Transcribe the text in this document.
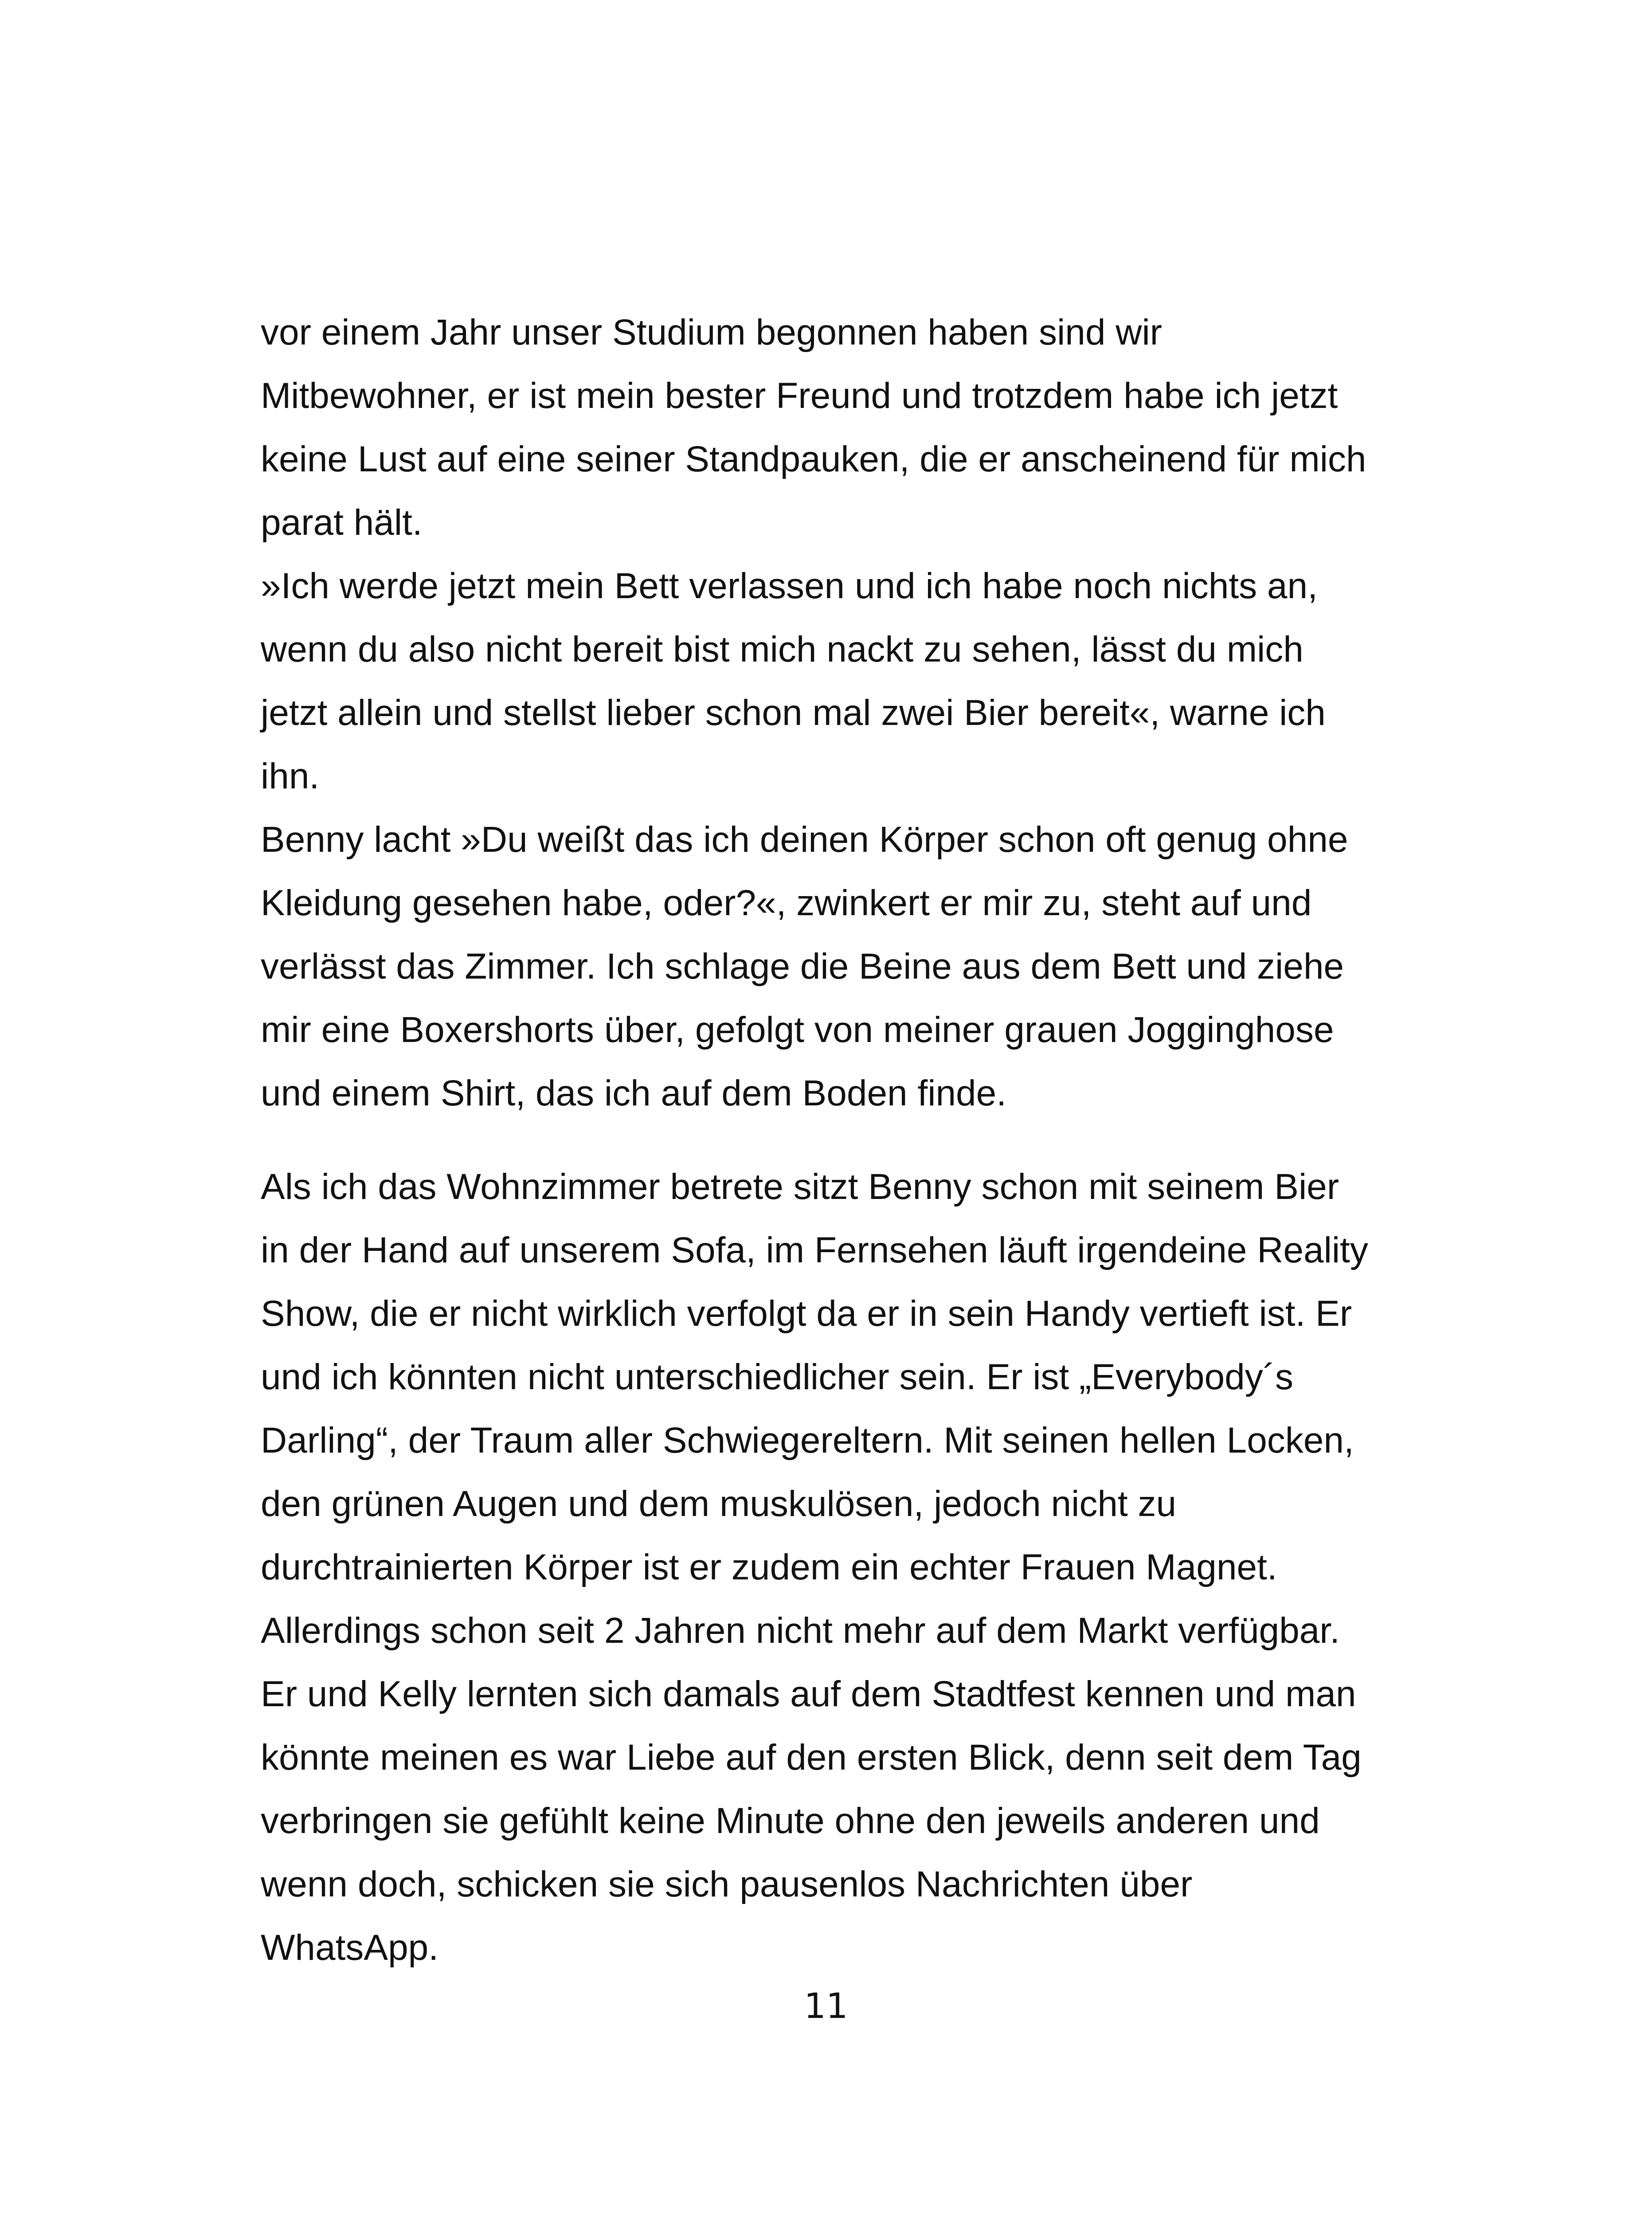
vor einem Jahr unser Studium begonnen haben sind wir
Mitbewohner, er ist mein bester Freund und trotzdem habe ich jetzt
keine Lust auf eine seiner Standpauken, die er anscheinend für mich
parat hält.
»Ich werde jetzt mein Bett verlassen und ich habe noch nichts an,
wenn du also nicht bereit bist mich nackt zu sehen, lässt du mich
jetzt allein und stellst lieber schon mal zwei Bier bereit«, warne ich
ihn.
Benny lacht »Du weißt das ich deinen Körper schon oft genug ohne
Kleidung gesehen habe, oder?«, zwinkert er mir zu, steht auf und
verlässt das Zimmer. Ich schlage die Beine aus dem Bett und ziehe
mir eine Boxershorts über, gefolgt von meiner grauen Jogginghose
und einem Shirt, das ich auf dem Boden finde.
Als ich das Wohnzimmer betrete sitzt Benny schon mit seinem Bier
in der Hand auf unserem Sofa, im Fernsehen läuft irgendeine Reality
Show, die er nicht wirklich verfolgt da er in sein Handy vertieft ist. Er
und ich könnten nicht unterschiedlicher sein. Er ist „Everybody´s
Darling“, der Traum aller Schwiegereltern. Mit seinen hellen Locken,
den grünen Augen und dem muskulösen, jedoch nicht zu
durchtrainierten Körper ist er zudem ein echter Frauen Magnet.
Allerdings schon seit 2 Jahren nicht mehr auf dem Markt verfügbar.
Er und Kelly lernten sich damals auf dem Stadtfest kennen und man
könnte meinen es war Liebe auf den ersten Blick, denn seit dem Tag
verbringen sie gefühlt keine Minute ohne den jeweils anderen und
wenn doch, schicken sie sich pausenlos Nachrichten über
WhatsApp.
11
